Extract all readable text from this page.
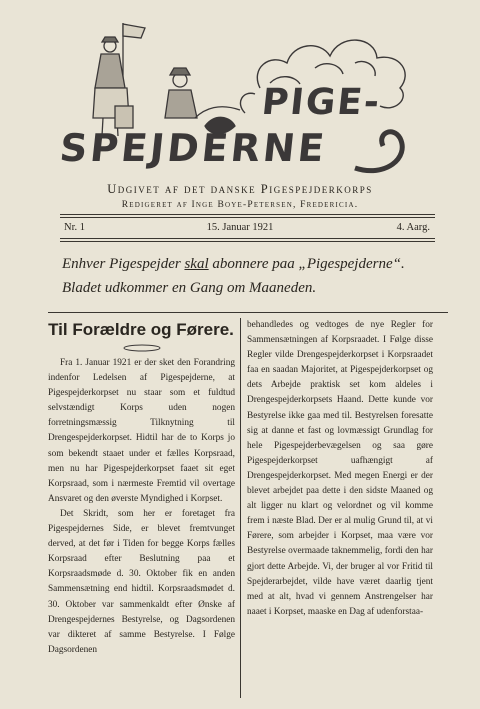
PIGE-
SPEJDERNE

Udgivet af det danske Pigespejderkorps

Redigeret af Inge Boye-Petersen, Fredericia.

Nr. 1	15. Januar 1921	4. Aarg.

Enhver Pigespejder skal abonnere paa „Pigespejderne“.

Bladet udkommer en Gang om Maaneden.

Til Forældre og Førere.

Fra 1. Januar 1921 er der sket den Forandring indenfor Ledelsen af Pigespejderne, at Pigespejderkorpset nu staar som et fuldtud selvstændigt Korps uden nogen forretningsmæssig Tilknytning til Drengespejderkorpset. Hidtil har de to Korps jo som bekendt staaet under et fælles Korpsraad, men nu har Pigespejderkorpset faaet sit eget Korpsraad, som i nærmeste Fremtid vil overtage Ansvaret og den øverste Myndighed i Korpset.

Det Skridt, som her er foretaget fra Pigespejdernes Side, er blevet fremtvunget derved, at det før i Tiden for begge Korps fælles Korpsraad efter Beslutning paa et Korpsraadsmøde d. 30. Oktober fik en anden Sammensætning end hidtil. Korpsraadsmødet d. 30. Oktober var sammenkaldt efter Ønske af Drengespejdernes Bestyrelse, og Dagsordenen var dikteret af samme Bestyrelse. I Følge Dagsordenen

behandledes og vedtoges de nye Regler for Sammensætningen af Korpsraadet. I Følge disse Regler vilde Drengespejderkorpset i Korpsraadet faa en saadan Majoritet, at Pigespejderkorpset og dets Arbejde praktisk set kom aldeles i Drengespejderkorpsets Haand. Dette kunde vor Bestyrelse ikke gaa med til. Bestyrelsen foresatte sig at danne et fast og lovmæssigt Grundlag for hele Pigespejderbevægelsen og saa gøre Pigespejderkorpset uafhængigt af Drengespejderkorpset. Med megen Energi er der blevet arbejdet paa dette i den sidste Maaned og alt ligger nu klart og velordnet og vil komme frem i næste Blad. Der er al mulig Grund til, at vi Førere, som arbejder i Korpset, maa være vor Bestyrelse overmaade taknemmelig, fordi den har gjort dette Arbejde. Vi, der bruger al vor Fritid til Spejderarbejdet, vilde have været daarlig tjent med at alt, hvad vi gennem Anstrengelser har naaet i Korpset, maaske en Dag af udenforstaa-
